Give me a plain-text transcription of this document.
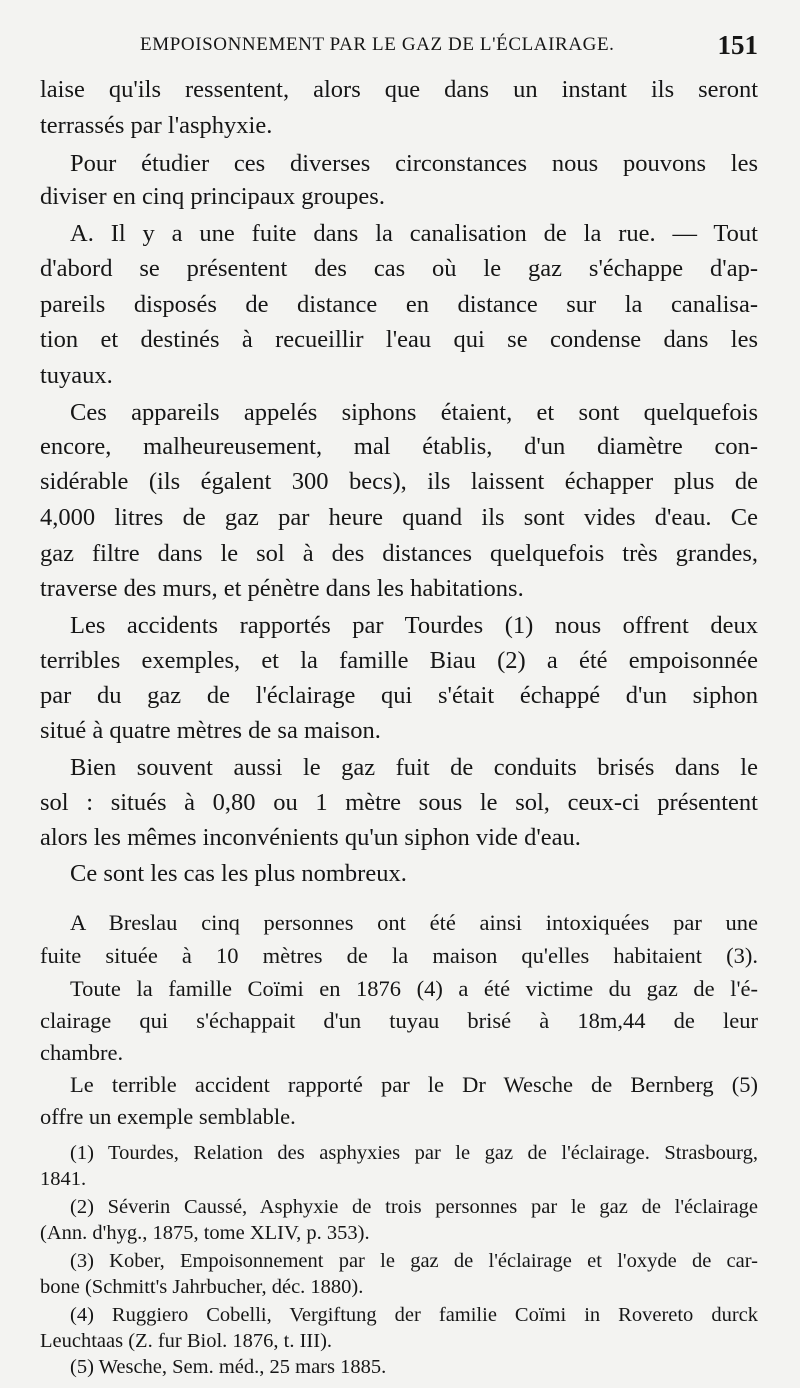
EMPOISONNEMENT PAR LE GAZ DE L'ÉCLAIRAGE.	151
laise qu'ils ressentent, alors que dans un instant ils seront
terrassés par l'asphyxie.
Pour étudier ces diverses circonstances nous pouvons les
diviser en cinq principaux groupes.
A. Il y a une fuite dans la canalisation de la rue. — Tout
d'abord se présentent des cas où le gaz s'échappe d'ap-
pareils disposés de distance en distance sur la canalisa-
tion et destinés à recueillir l'eau qui se condense dans les
tuyaux.
Ces appareils appelés siphons étaient, et sont quelquefois
encore, malheureusement, mal établis, d'un diamètre con-
sidérable (ils égalent 300 becs), ils laissent échapper plus de
4,000 litres de gaz par heure quand ils sont vides d'eau. Ce
gaz filtre dans le sol à des distances quelquefois très grandes,
traverse des murs, et pénètre dans les habitations.
Les accidents rapportés par Tourdes (1) nous offrent deux
terribles exemples, et la famille Biau (2) a été empoisonnée
par du gaz de l'éclairage qui s'était échappé d'un siphon
situé à quatre mètres de sa maison.
Bien souvent aussi le gaz fuit de conduits brisés dans le
sol : situés à 0,80 ou 1 mètre sous le sol, ceux-ci présentent
alors les mêmes inconvénients qu'un siphon vide d'eau.
Ce sont les cas les plus nombreux.
A Breslau cinq personnes ont été ainsi intoxiquées par une
fuite située à 10 mètres de la maison qu'elles habitaient (3).
Toute la famille Coïmi en 1876 (4) a été victime du gaz de l'é-
clairage qui s'échappait d'un tuyau brisé à 18m,44 de leur
chambre.
Le terrible accident rapporté par le Dr Wesche de Bernberg (5)
offre un exemple semblable.
(1) Tourdes, Relation des asphyxies par le gaz de l'éclairage. Strasbourg,
1841.
(2) Séverin Caussé, Asphyxie de trois personnes par le gaz de l'éclairage
(Ann. d'hyg., 1875, tome XLIV, p. 353).
(3) Kober, Empoisonnement par le gaz de l'éclairage et l'oxyde de car-
bone (Schmitt's Jahrbucher, déc. 1880).
(4) Ruggiero Cobelli, Vergiftung der familie Coïmi in Rovereto durck
Leuchtaas (Z. fur Biol. 1876, t. III).
(5) Wesche, Sem. méd., 25 mars 1885.
